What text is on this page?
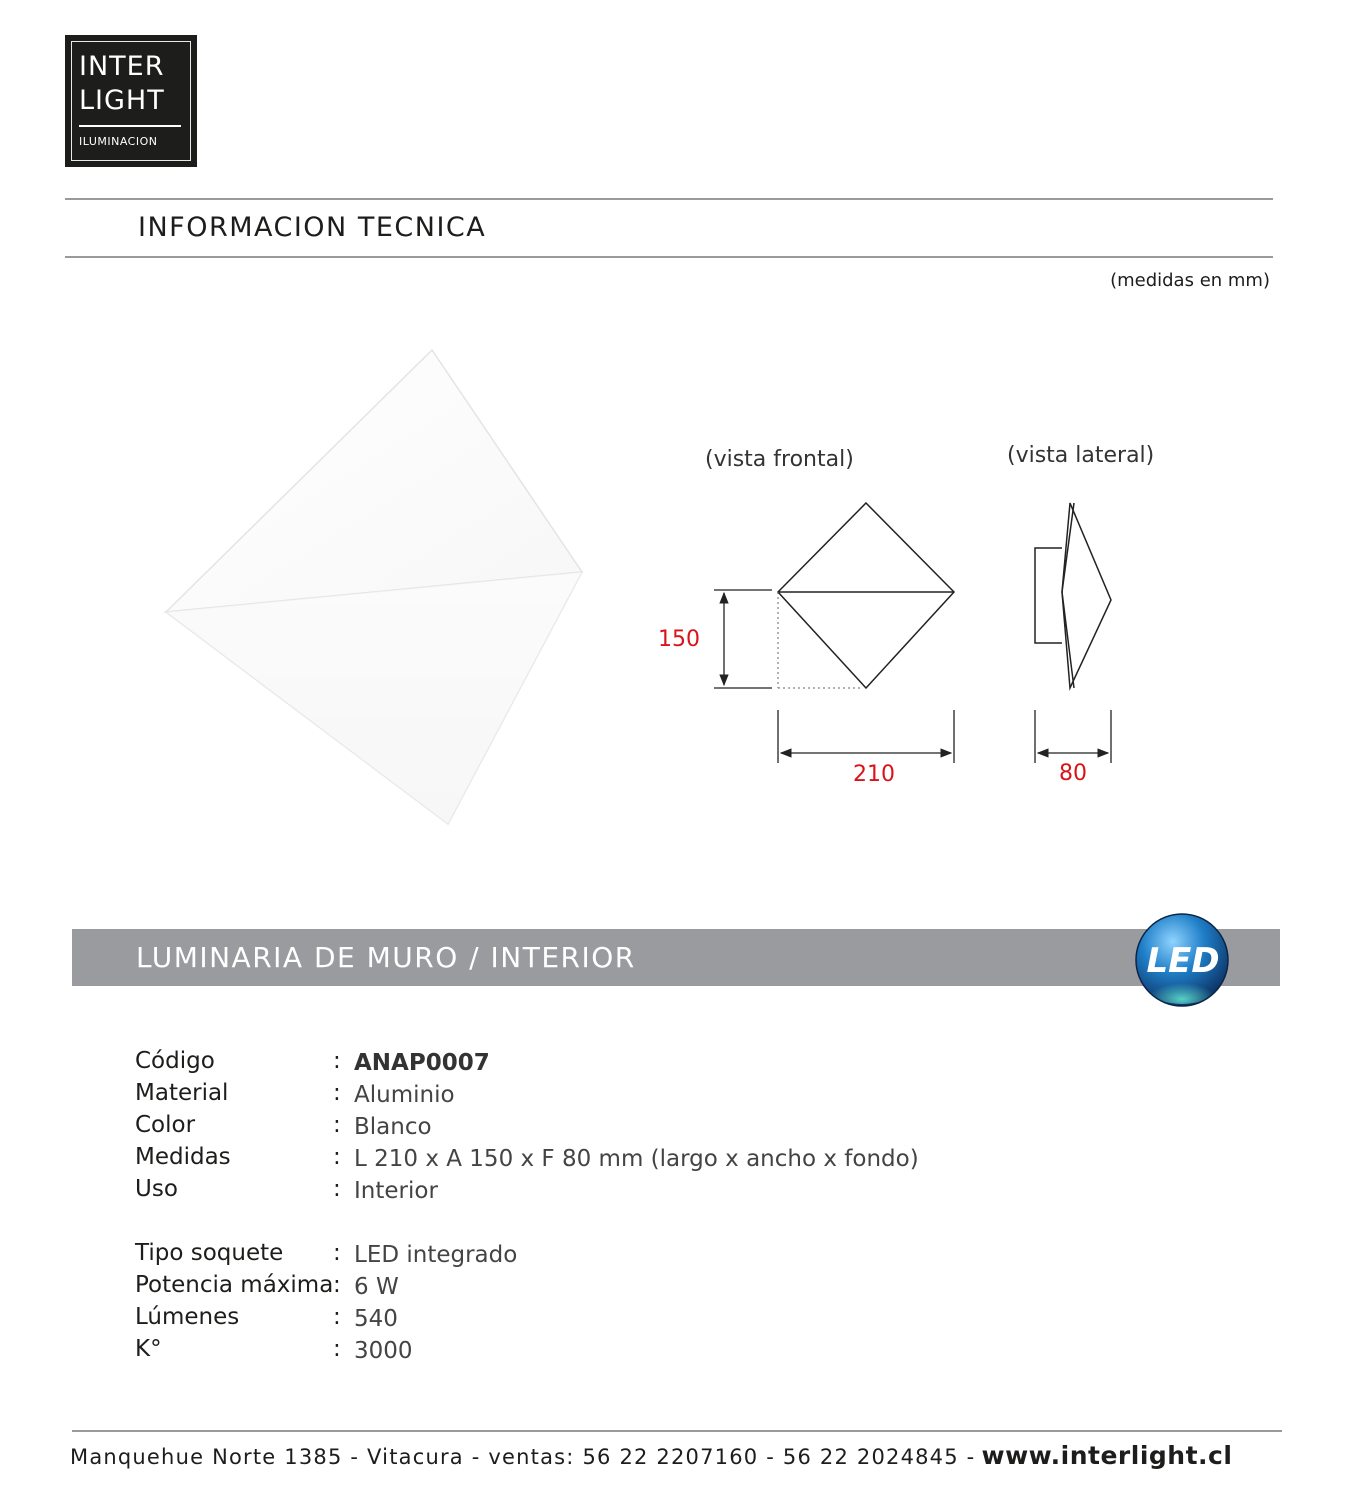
INTER
LIGHT
ILUMINACION
INFORMACION TECNICA
(medidas en mm)
(vista frontal)	(vista lateral)
150
210	80
LUMINARIA DE MURO / INTERIOR	LED
Código	: ANAP0007
Material	: Aluminio
Color	: Blanco
Medidas	: L 210 x A 150 x F 80 mm (largo x ancho x fondo)
Uso	: Interior
Tipo soquete : LED integrado
Potencia máxima : 6 W
Lúmenes	: 540
K°	: 3000
Manquehue Norte 1385 - Vitacura - ventas: 56 22 2207160 - 56 22 2024845 - www.interlight.cl
